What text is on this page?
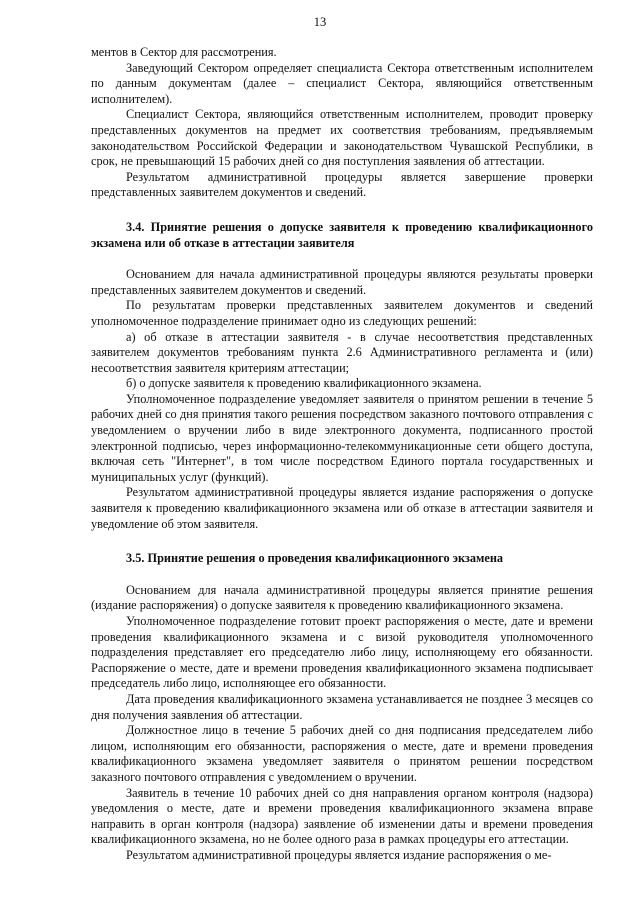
13

ментов в Сектор для рассмотрения.

Заведующий Сектором определяет специалиста Сектора ответственным исполнителем по данным документам (далее – специалист Сектора, являющийся ответственным исполнителем).

Специалист Сектора, являющийся ответственным исполнителем, проводит проверку представленных документов на предмет их соответствия требованиям, предъявляемым законодательством Российской Федерации и законодательством Чувашской Республики, в срок, не превышающий 15 рабочих дней со дня поступления заявления об аттестации.

Результатом административной процедуры является завершение проверки представленных заявителем документов и сведений.

3.4. Принятие решения о допуске заявителя к проведению квалификационного экзамена или об отказе в аттестации заявителя

Основанием для начала административной процедуры являются результаты проверки представленных заявителем документов и сведений.

По результатам проверки представленных заявителем документов и сведений уполномоченное подразделение принимает одно из следующих решений:

а) об отказе в аттестации заявителя - в случае несоответствия представленных заявителем документов требованиям пункта 2.6 Административного регламента и (или) несоответствия заявителя критериям аттестации;

б) о допуске заявителя к проведению квалификационного экзамена.

Уполномоченное подразделение уведомляет заявителя о принятом решении в течение 5 рабочих дней со дня принятия такого решения посредством заказного почтового отправления с уведомлением о вручении либо в виде электронного документа, подписанного простой электронной подписью, через информационно-телекоммуникационные сети общего доступа, включая сеть "Интернет", в том числе посредством Единого портала государственных и муниципальных услуг (функций).

Результатом административной процедуры является издание распоряжения о допуске заявителя к проведению квалификационного экзамена или об отказе в аттестации заявителя и уведомление об этом заявителя.

3.5. Принятие решения о проведения квалификационного экзамена

Основанием для начала административной процедуры является принятие решения (издание распоряжения) о допуске заявителя к проведению квалификационного экзамена.

Уполномоченное подразделение готовит проект распоряжения о месте, дате и времени проведения квалификационного экзамена и с визой руководителя уполномоченного подразделения представляет его председателю либо лицу, исполняющему его обязанности. Распоряжение о месте, дате и времени проведения квалификационного экзамена подписывает председатель либо лицо, исполняющее его обязанности.

Дата проведения квалификационного экзамена устанавливается не позднее 3 месяцев со дня получения заявления об аттестации.

Должностное лицо в течение 5 рабочих дней со дня подписания председателем либо лицом, исполняющим его обязанности, распоряжения о месте, дате и времени проведения квалификационного экзамена уведомляет заявителя о принятом решении посредством заказного почтового отправления с уведомлением о вручении.

Заявитель в течение 10 рабочих дней со дня направления органом контроля (надзора) уведомления о месте, дате и времени проведения квалификационного экзамена вправе направить в орган контроля (надзора) заявление об изменении даты и времени проведения квалификационного экзамена, но не более одного раза в рамках процедуры его аттестации.

Результатом административной процедуры является издание распоряжения о ме-
